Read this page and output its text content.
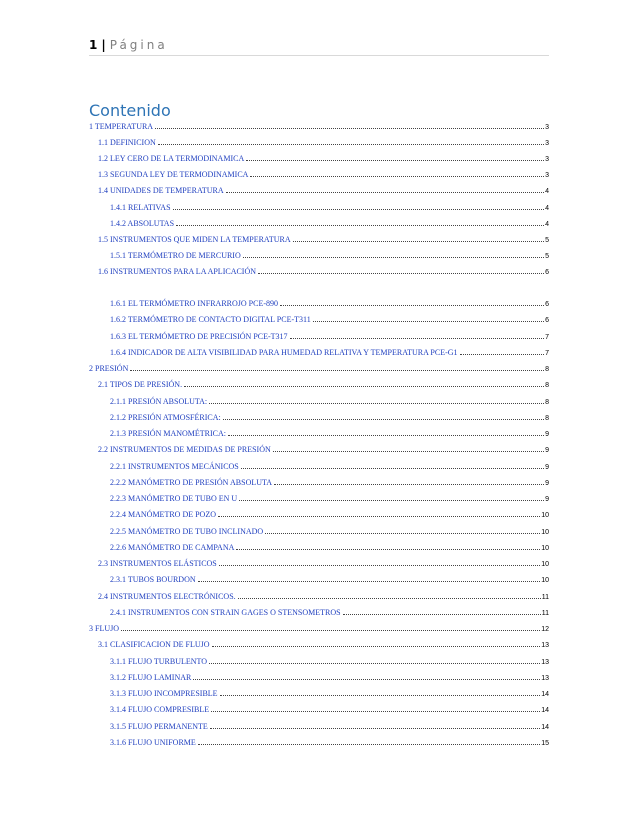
1 | Página
Contenido
1 TEMPERATURA	3
1.1 DEFINICION	3
1.2 LEY CERO DE LA TERMODINAMICA	3
1.3 SEGUNDA LEY DE TERMODINAMICA	3
1.4 UNIDADES DE TEMPERATURA	4
1.4.1 RELATIVAS	4
1.4.2 ABSOLUTAS	4
1.5 INSTRUMENTOS QUE MIDEN LA TEMPERATURA	5
1.5.1 TERMÓMETRO DE MERCURIO	5
1.6 INSTRUMENTOS PARA LA APLICACIÓN	6
1.6.1 EL TERMÓMETRO INFRARROJO PCE-890	6
1.6.2 TERMÓMETRO DE CONTACTO DIGITAL PCE-T311	6
1.6.3 EL TERMÓMETRO DE PRECISIÓN PCE-T317	7
1.6.4 INDICADOR DE ALTA VISIBILIDAD PARA HUMEDAD RELATIVA Y TEMPERATURA PCE-G1	7
2 PRESIÓN	8
2.1 TIPOS DE PRESIÓN.	8
2.1.1 PRESIÓN ABSOLUTA:	8
2.1.2 PRESIÓN ATMOSFÉRICA:	8
2.1.3 PRESIÓN MANOMÉTRICA:	9
2.2 INSTRUMENTOS DE MEDIDAS DE PRESIÓN	9
2.2.1 INSTRUMENTOS MECÁNICOS	9
2.2.2 MANÓMETRO DE PRESIÓN ABSOLUTA	9
2.2.3 MANÓMETRO DE TUBO EN U	9
2.2.4 MANÓMETRO DE POZO	10
2.2.5 MANÓMETRO DE TUBO INCLINADO	10
2.2.6 MANÓMETRO DE CAMPANA	10
2.3 INSTRUMENTOS ELÁSTICOS	10
2.3.1 TUBOS BOURDON	10
2.4 INSTRUMENTOS ELECTRÓNICOS.	11
2.4.1 INSTRUMENTOS CON STRAIN GAGES O STENSOMETROS	11
3 FLUJO	12
3.1 CLASIFICACION DE FLUJO	13
3.1.1 FLUJO TURBULENTO	13
3.1.2 FLUJO LAMINAR	13
3.1.3 FLUJO INCOMPRESIBLE	14
3.1.4 FLUJO COMPRESIBLE	14
3.1.5 FLUJO PERMANENTE	14
3.1.6 FLUJO UNIFORME	15
